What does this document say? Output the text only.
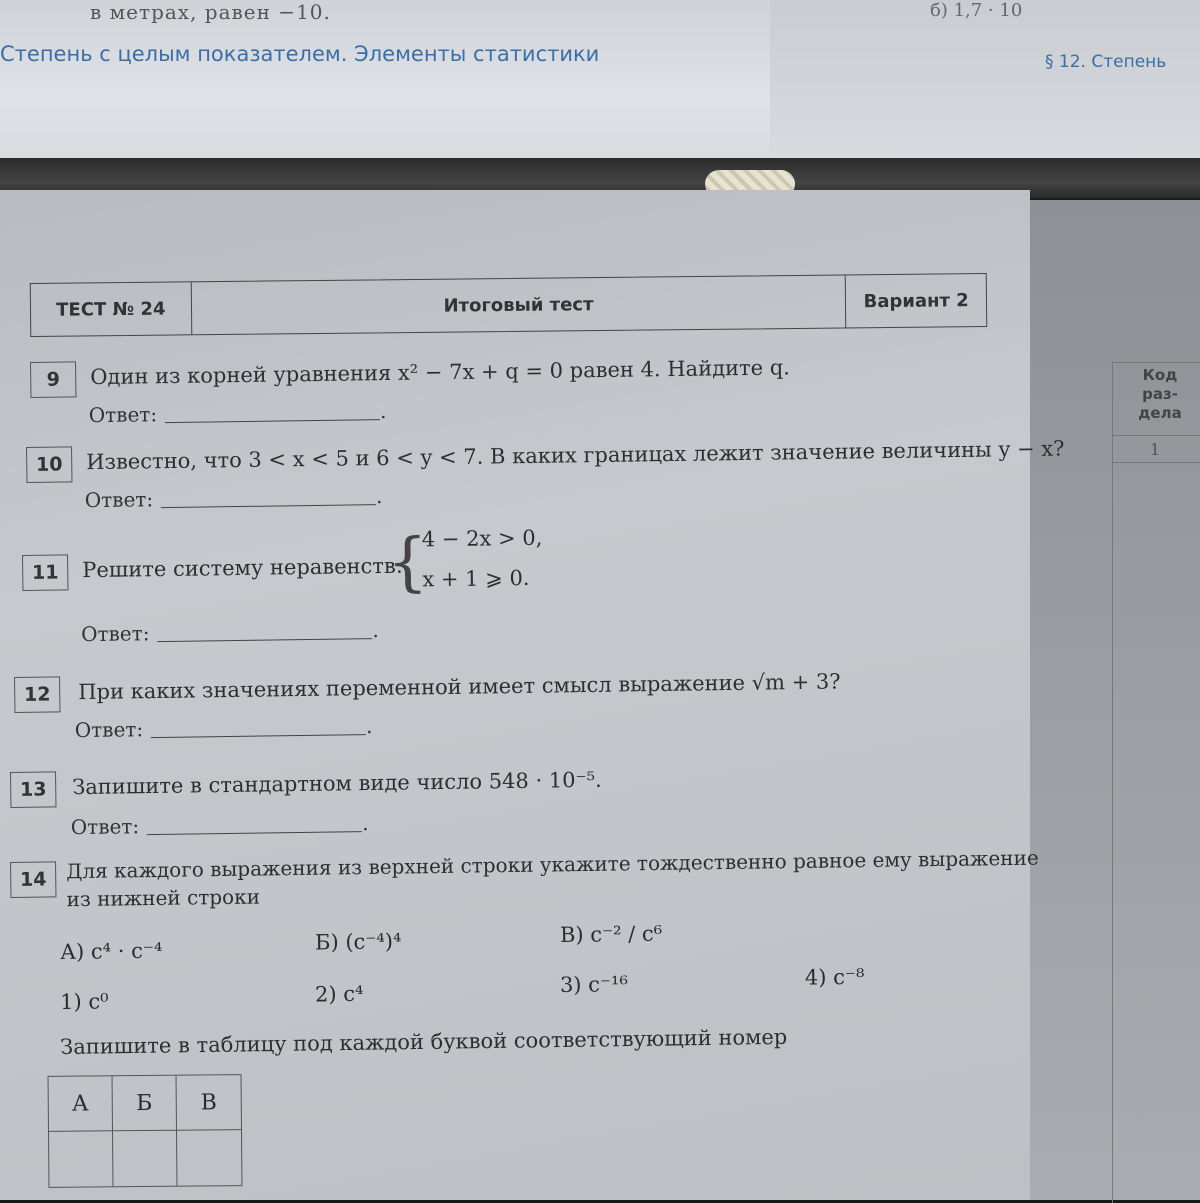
в метрах, равен −10.
Степень с целым показателем. Элементы статистики
б) 1,7 · 10
§ 12. Степень
Код раз- дела
1
ТЕСТ № 24	Итоговый тест	Вариант 2
9	Один из корней уравнения x² − 7x + q = 0 равен 4. Найдите q.
Ответ:	.
10	Известно, что 3 < x < 5 и 6 < y < 7. В каких границах лежит значение величины y − x?
Ответ:	.
11	Решите систему неравенств:
{
4 − 2x > 0,
x + 1 ⩾ 0.
Ответ:	.
12	При каких значениях переменной имеет смысл выражение √m + 3?
Ответ:	.
13	Запишите в стандартном виде число 548 · 10⁻⁵.
Ответ:	.
14 Для каждого выражения из верхней строки укажите тождественно равное ему выражение
из нижней строки
А) c⁴ · c⁻⁴	Б) (c⁻⁴)⁴	В) c⁻² / c⁶
1) c⁰	2) c⁴	3) c⁻¹⁶	4) c⁻⁸
Запишите в таблицу под каждой буквой соответствующий номер
А	Б	В
